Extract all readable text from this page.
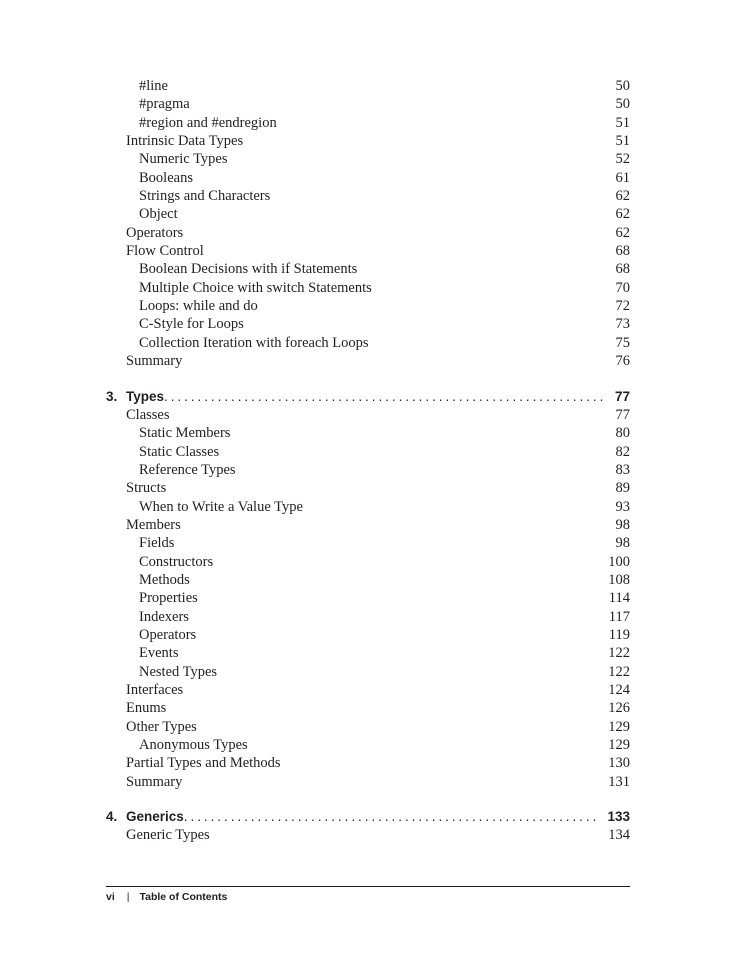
#line	50
#pragma	50
#region and #endregion	51
Intrinsic Data Types	51
Numeric Types	52
Booleans	61
Strings and Characters	62
Object	62
Operators	62
Flow Control	68
Boolean Decisions with if Statements	68
Multiple Choice with switch Statements	70
Loops: while and do	72
C-Style for Loops	73
Collection Iteration with foreach Loops	75
Summary	76
3. Types . . .	77
Classes	77
Static Members	80
Static Classes	82
Reference Types	83
Structs	89
When to Write a Value Type	93
Members	98
Fields	98
Constructors	100
Methods	108
Properties	114
Indexers	117
Operators	119
Events	122
Nested Types	122
Interfaces	124
Enums	126
Other Types	129
Anonymous Types	129
Partial Types and Methods	130
Summary	131
4. Generics . . .	133
Generic Types	134
vi | Table of Contents
